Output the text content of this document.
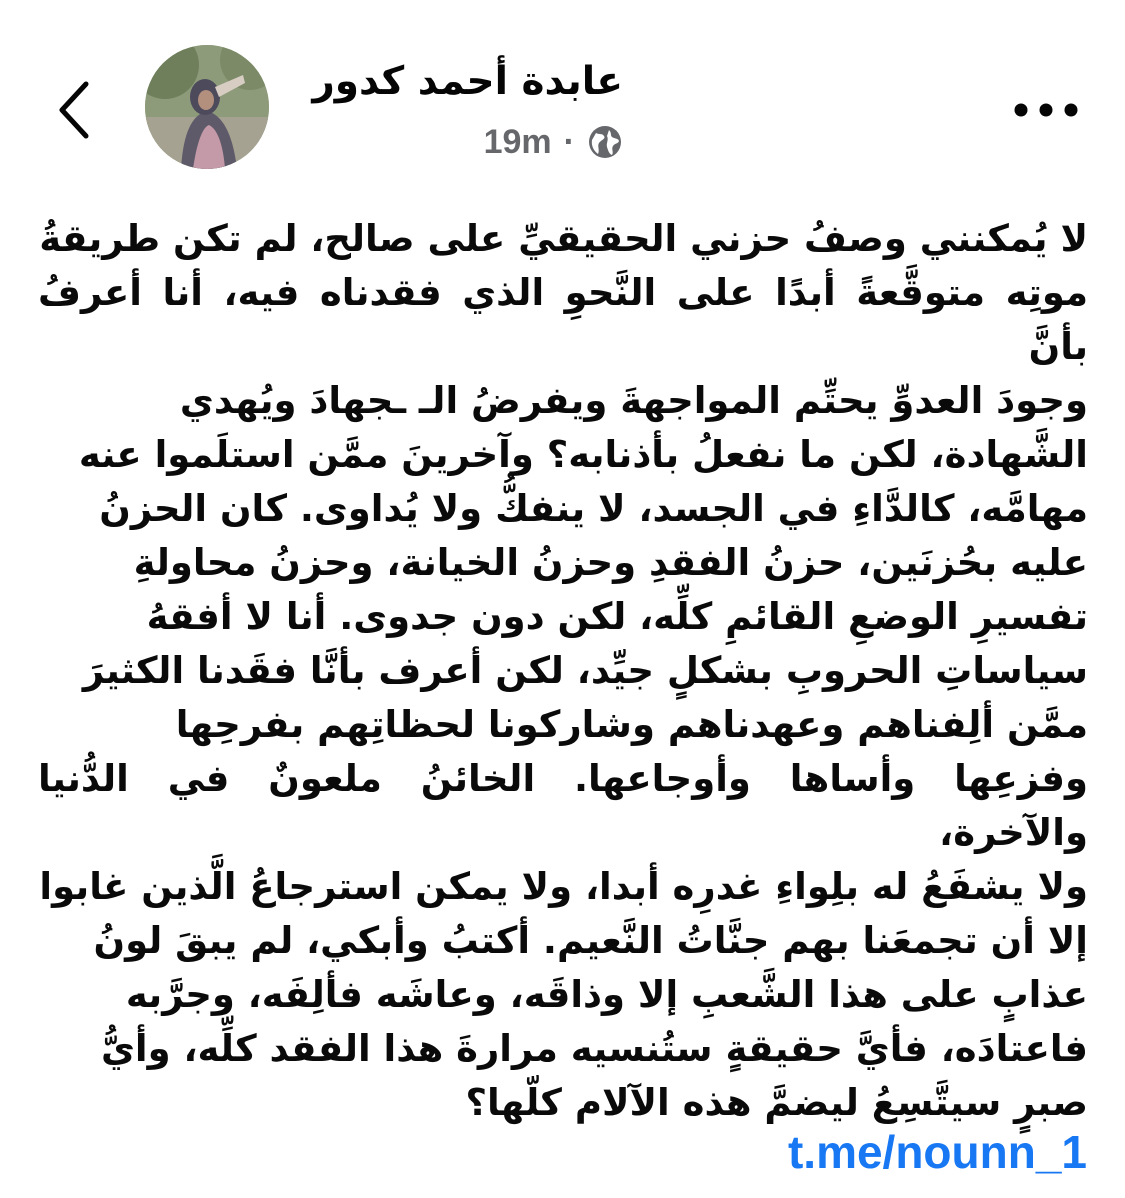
عابدة أحمد كدور
19m ·
لا يُمكنني وصفُ حزني الحقيقيِّ على صالح، لم تكن طريقةُ
موتِه متوقَّعةً أبدًا على النَّحوِ الذي فقدناه فيه، أنا أعرفُ بأنَّ
وجودَ العدوِّ يحتِّم المواجهةَ ويفرضُ الـ ـجهادَ ويُهدي
الشَّهادة، لكن ما نفعلُ بأذنابه؟ وآخرينَ ممَّن استلَموا عنه
مهامَّه، كالدَّاءِ في الجسد، لا ينفكُّ ولا يُداوى. كان الحزنُ
عليه بحُزنَين، حزنُ الفقدِ وحزنُ الخيانة، وحزنُ محاولةِ
تفسيرِ الوضعِ القائمِ كلِّه، لكن دون جدوى. أنا لا أفقهُ
سياساتِ الحروبِ بشكلٍ جيِّد، لكن أعرف بأنَّا فقَدنا الكثيرَ
ممَّن ألِفناهم وعهدناهم وشاركونا لحظاتِهم بفرحِها
وفزعِها وأساها وأوجاعها. الخائنُ ملعونٌ في الدُّنيا والآخرة،
ولا يشفَعُ له بلِواءِ غدرِه أبدا، ولا يمكن استرجاعُ الَّذين غابوا
إلا أن تجمعَنا بهم جنَّاتُ النَّعيم. أكتبُ وأبكي، لم يبقَ لونُ
عذابٍ على هذا الشَّعبِ إلا وذاقَه، وعاشَه فألِفَه، وجرَّبه
فاعتادَه، فأيَّ حقيقةٍ ستُنسيه مرارةَ هذا الفقد كلِّه، وأيُّ
صبرٍ سيتَّسِعُ ليضمَّ هذه الآلام كلّها؟
t.me/nounn_1
